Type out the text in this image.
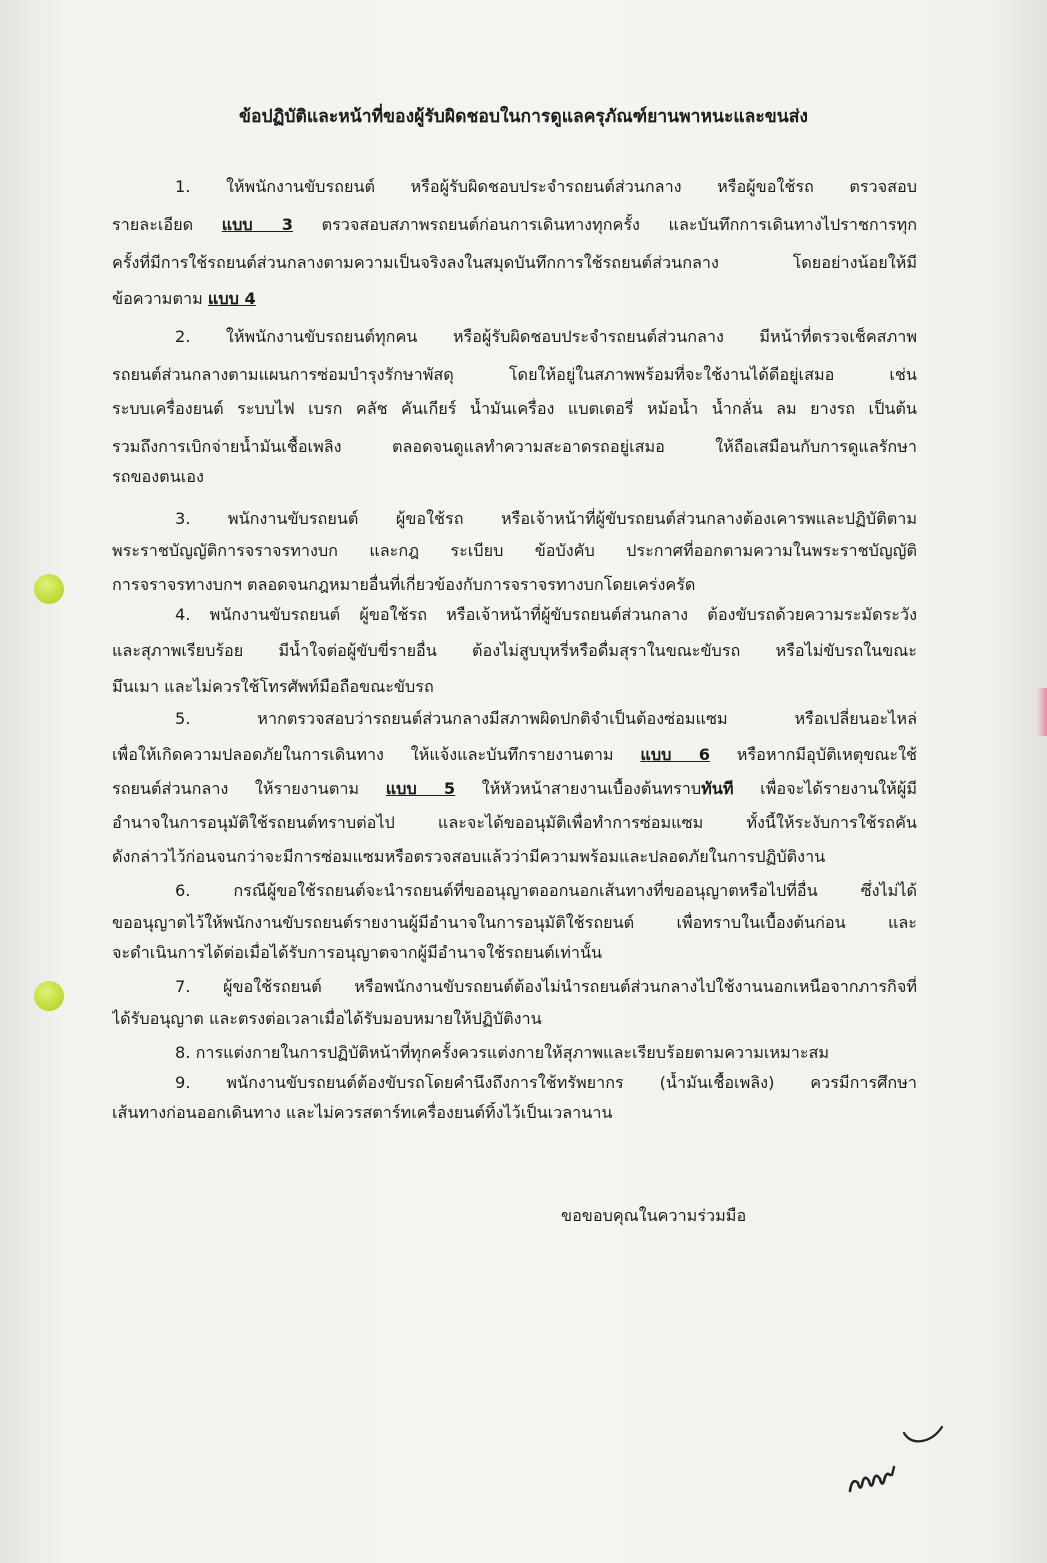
ข้อปฏิบัติและหน้าที่ของผู้รับผิดชอบในการดูแลครุภัณฑ์ยานพาหนะและขนส่ง
1. ให้พนักงานขับรถยนต์ หรือผู้รับผิดชอบประจำรถยนต์ส่วนกลาง หรือผู้ขอใช้รถ ตรวจสอบ
รายละเอียด แบบ 3 ตรวจสอบสภาพรถยนต์ก่อนการเดินทางทุกครั้ง และบันทึกการเดินทางไปราชการทุก
ครั้งที่มีการใช้รถยนต์ส่วนกลางตามความเป็นจริงลงในสมุดบันทึกการใช้รถยนต์ส่วนกลาง โดยอย่างน้อยให้มี
ข้อความตาม แบบ 4
2. ให้พนักงานขับรถยนต์ทุกคน หรือผู้รับผิดชอบประจำรถยนต์ส่วนกลาง มีหน้าที่ตรวจเช็คสภาพ
รถยนต์ส่วนกลางตามแผนการซ่อมบำรุงรักษาพัสดุ โดยให้อยู่ในสภาพพร้อมที่จะใช้งานได้ดีอยู่เสมอ เช่น
ระบบเครื่องยนต์ ระบบไฟ เบรก คลัช คันเกียร์ น้ำมันเครื่อง แบตเตอรี่ หม้อน้ำ น้ำกลั่น ลม ยางรถ เป็นต้น
รวมถึงการเบิกจ่ายน้ำมันเชื้อเพลิง ตลอดจนดูแลทำความสะอาดรถอยู่เสมอ ให้ถือเสมือนกับการดูแลรักษา
รถของตนเอง
3. พนักงานขับรถยนต์ ผู้ขอใช้รถ หรือเจ้าหน้าที่ผู้ขับรถยนต์ส่วนกลางต้องเคารพและปฏิบัติตาม
พระราชบัญญัติการจราจรทางบก และกฎ ระเบียบ ข้อบังคับ ประกาศที่ออกตามความในพระราชบัญญัติ
การจราจรทางบกฯ ตลอดจนกฎหมายอื่นที่เกี่ยวข้องกับการจราจรทางบกโดยเคร่งครัด
4. พนักงานขับรถยนต์ ผู้ขอใช้รถ หรือเจ้าหน้าที่ผู้ขับรถยนต์ส่วนกลาง ต้องขับรถด้วยความระมัดระวัง
และสุภาพเรียบร้อย มีน้ำใจต่อผู้ขับขี่รายอื่น ต้องไม่สูบบุหรี่หรือดื่มสุราในขณะขับรถ หรือไม่ขับรถในขณะ
มึนเมา และไม่ควรใช้โทรศัพท์มือถือขณะขับรถ
5. หากตรวจสอบว่ารถยนต์ส่วนกลางมีสภาพผิดปกติจำเป็นต้องซ่อมแซม หรือเปลี่ยนอะไหล่
เพื่อให้เกิดความปลอดภัยในการเดินทาง ให้แจ้งและบันทึกรายงานตาม แบบ 6 หรือหากมีอุบัติเหตุขณะใช้
รถยนต์ส่วนกลาง ให้รายงานตาม แบบ 5 ให้หัวหน้าสายงานเบื้องต้นทราบทันที เพื่อจะได้รายงานให้ผู้มี
อำนาจในการอนุมัติใช้รถยนต์ทราบต่อไป และจะได้ขออนุมัติเพื่อทำการซ่อมแซม ทั้งนี้ให้ระงับการใช้รถคัน
ดังกล่าวไว้ก่อนจนกว่าจะมีการซ่อมแซมหรือตรวจสอบแล้วว่ามีความพร้อมและปลอดภัยในการปฏิบัติงาน
6. กรณีผู้ขอใช้รถยนต์จะนำรถยนต์ที่ขออนุญาตออกนอกเส้นทางที่ขออนุญาตหรือไปที่อื่น ซึ่งไม่ได้
ขออนุญาตไว้ให้พนักงานขับรถยนต์รายงานผู้มีอำนาจในการอนุมัติใช้รถยนต์ เพื่อทราบในเบื้องต้นก่อน และ
จะดำเนินการได้ต่อเมื่อได้รับการอนุญาตจากผู้มีอำนาจใช้รถยนต์เท่านั้น
7. ผู้ขอใช้รถยนต์ หรือพนักงานขับรถยนต์ต้องไม่นำรถยนต์ส่วนกลางไปใช้งานนอกเหนือจากภารกิจที่
ได้รับอนุญาต และตรงต่อเวลาเมื่อได้รับมอบหมายให้ปฏิบัติงาน
8. การแต่งกายในการปฏิบัติหน้าที่ทุกครั้งควรแต่งกายให้สุภาพและเรียบร้อยตามความเหมาะสม
9. พนักงานขับรถยนต์ต้องขับรถโดยคำนึงถึงการใช้ทรัพยากร (น้ำมันเชื้อเพลิง) ควรมีการศึกษา
เส้นทางก่อนออกเดินทาง และไม่ควรสตาร์ทเครื่องยนต์ทิ้งไว้เป็นเวลานาน
ขอขอบคุณในความร่วมมือ
